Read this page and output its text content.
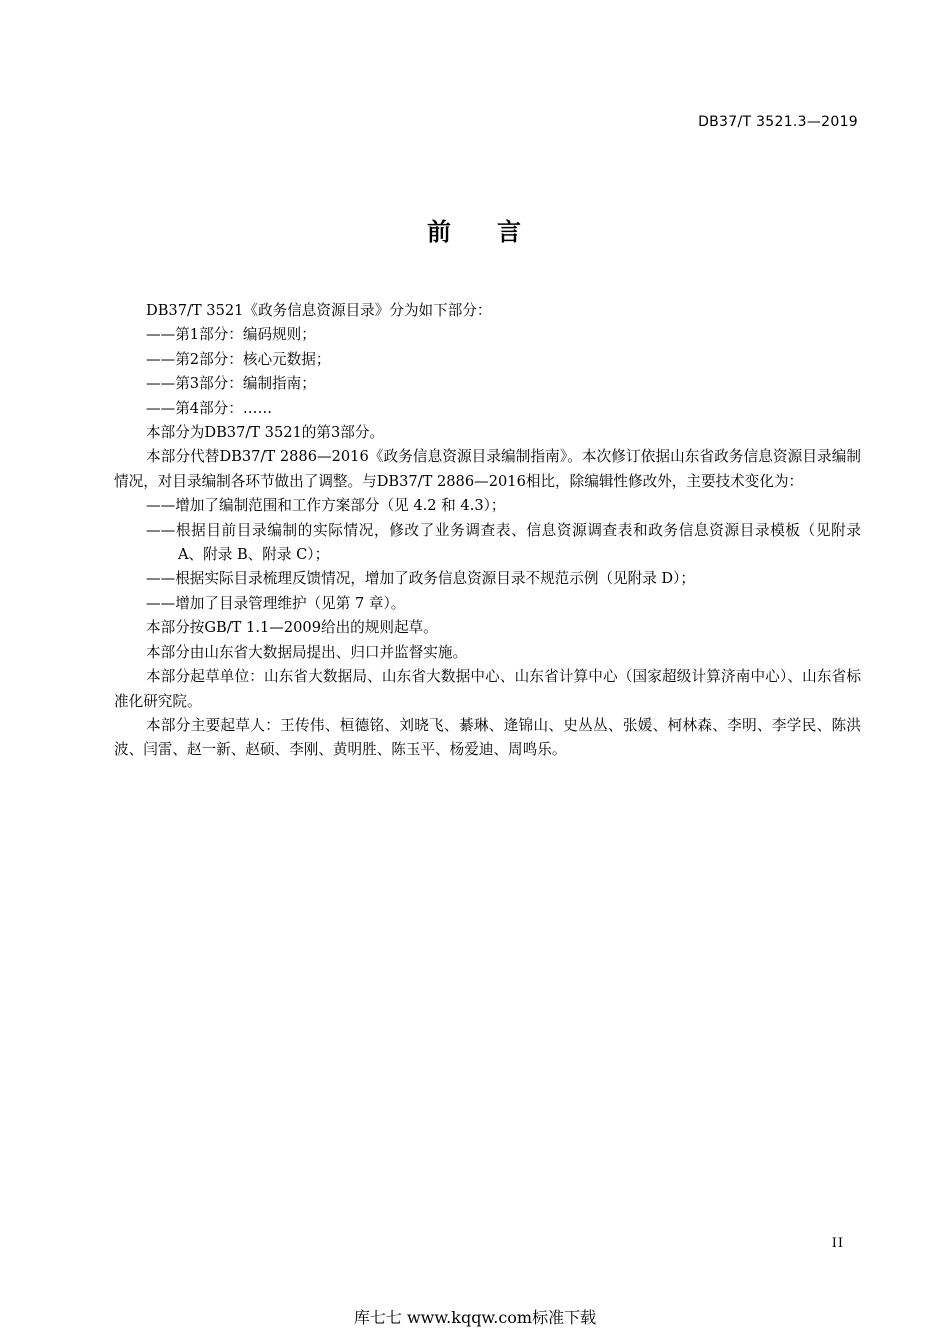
DB37/T 3521.3—2019
前 言

DB37/T 3521《政务信息资源目录》分为如下部分：

——第1部分：编码规则；

——第2部分：核心元数据；

——第3部分：编制指南；

——第4部分：……

本部分为DB37/T 3521的第3部分。

本部分代替DB37/T 2886—2016《政务信息资源目录编制指南》。本次修订依据山东省政务信息资源目录编制情况，对目录编制各环节做出了调整。与DB37/T 2886—2016相比，除编辑性修改外，主要技术变化为：

——增加了编制范围和工作方案部分（见 4.2 和 4.3）；

——根据目前目录编制的实际情况，修改了业务调查表、信息资源调查表和政务信息资源目录模板（见附录 A、附录 B、附录 C）；

——根据实际目录梳理反馈情况，增加了政务信息资源目录不规范示例（见附录 D）；

——增加了目录管理维护（见第 7 章）。

本部分按GB/T 1.1—2009给出的规则起草。

本部分由山东省大数据局提出、归口并监督实施。

本部分起草单位：山东省大数据局、山东省大数据中心、山东省计算中心（国家超级计算济南中心）、山东省标准化研究院。

本部分主要起草人：王传伟、桓德铭、刘晓飞、綦琳、逄锦山、史丛丛、张媛、柯林森、李明、李学民、陈洪波、闫雷、赵一新、赵硕、李刚、黄明胜、陈玉平、杨爱迪、周鸣乐。

II
库七七 www.kqqw.com标准下载
